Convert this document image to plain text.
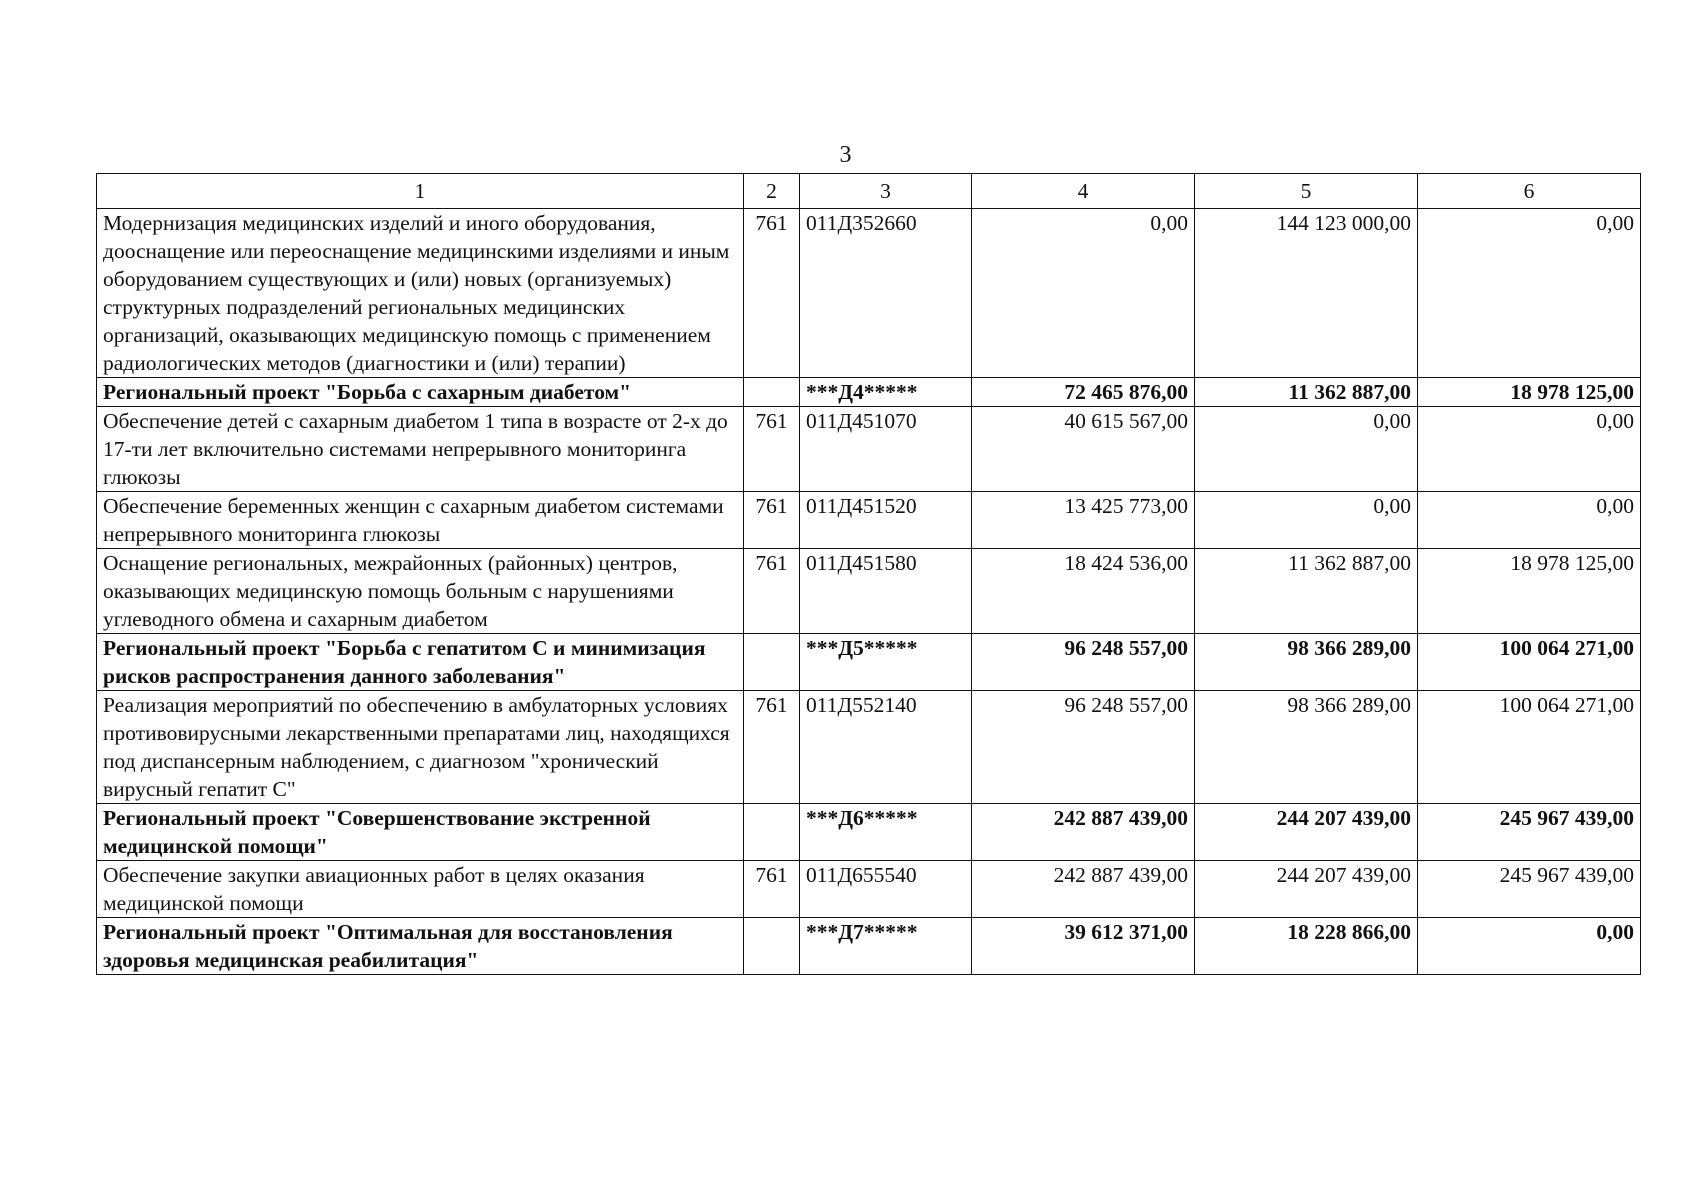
3
1	2	3	4	5	6
Модернизация медицинских изделий и иного оборудования, дооснащение или переоснащение медицинскими изделиями и иным оборудованием существующих и (или) новых (организуемых) структурных подразделений региональных медицинских организаций, оказывающих медицинскую помощь с применением радиологических методов (диагностики и (или) терапии)	761	011Д352660	0,00	144 123 000,00	0,00
Региональный проект "Борьба с сахарным диабетом"		***Д4*****	72 465 876,00	11 362 887,00	18 978 125,00
Обеспечение детей с сахарным диабетом 1 типа в возрасте от 2-х до 17-ти лет включительно системами непрерывного мониторинга глюкозы	761	011Д451070	40 615 567,00	0,00	0,00
Обеспечение беременных женщин с сахарным диабетом системами непрерывного мониторинга глюкозы	761	011Д451520	13 425 773,00	0,00	0,00
Оснащение региональных, межрайонных (районных) центров, оказывающих медицинскую помощь больным с нарушениями углеводного обмена и сахарным диабетом	761	011Д451580	18 424 536,00	11 362 887,00	18 978 125,00
Региональный проект "Борьба с гепатитом С и минимизация рисков распространения данного заболевания"		***Д5*****	96 248 557,00	98 366 289,00	100 064 271,00
Реализация мероприятий по обеспечению в амбулаторных условиях противовирусными лекарственными препаратами лиц, находящихся под диспансерным наблюдением, с диагнозом "хронический вирусный гепатит С"	761	011Д552140	96 248 557,00	98 366 289,00	100 064 271,00
Региональный проект "Совершенствование экстренной медицинской помощи"		***Д6*****	242 887 439,00	244 207 439,00	245 967 439,00
Обеспечение закупки авиационных работ в целях оказания медицинской помощи	761	011Д655540	242 887 439,00	244 207 439,00	245 967 439,00
Региональный проект "Оптимальная для восстановления здоровья медицинская реабилитация"		***Д7*****	39 612 371,00	18 228 866,00	0,00
